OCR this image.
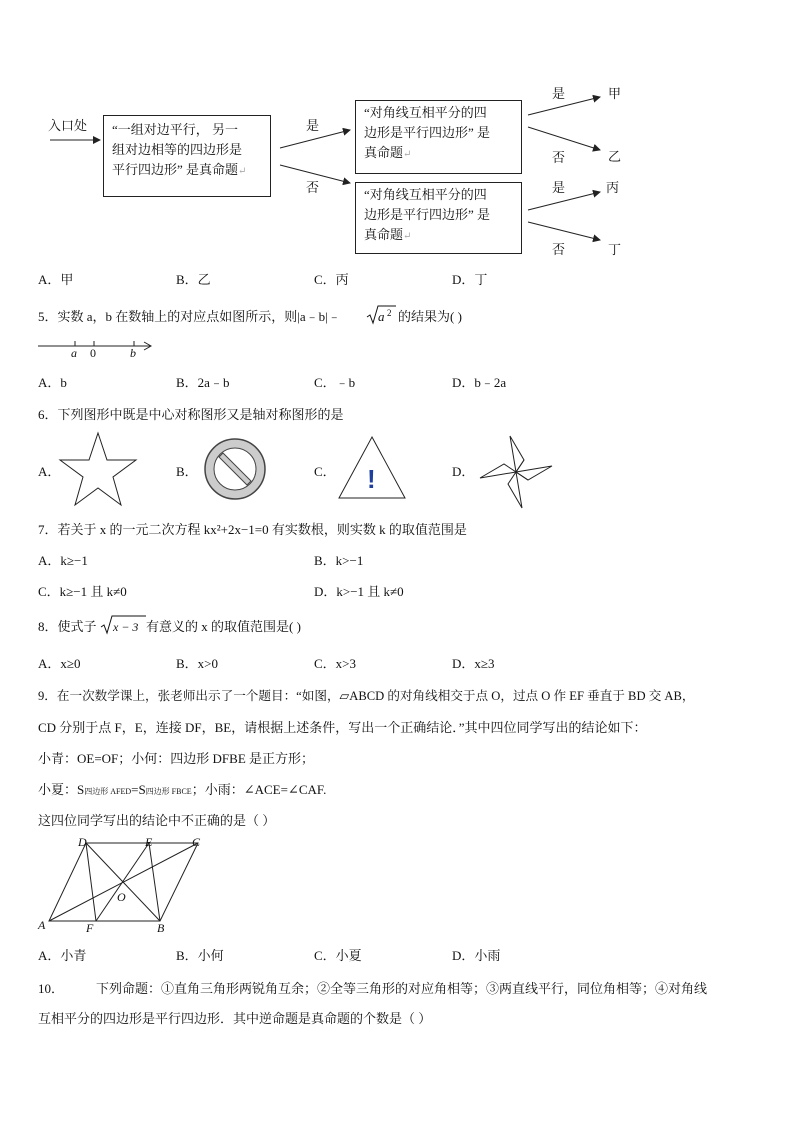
入口处 “一组对边平行， 另一
组对边相等的四边形是
平行四边形” 是真命题↵
“对角线互相平分的四
边形是平行四边形” 是
真命题↵
“对角线互相平分的四
边形是平行四边形” 是
真命题↵
是
否
是
否
是
否
甲
乙
丙
丁
A．甲	B．乙	C．丙	D．丁
5．实数 a，b 在数轴上的对应点如图所示，则|a﹣b|﹣	a 2 的结果为( )
a 0	b
A．b	B．2a﹣b	C．﹣b	D．b﹣2a
6．下列图形中既是中心对称图形又是轴对称图形的是
A．	B．	C． !	D．
7．若关于 x 的一元二次方程 kx²+2x−1=0 有实数根，则实数 k 的取值范围是
A．k≥−1	B．k>−1
C．k≥−1 且 k≠0	D．k>−1 且 k≠0
8．使式子 x − 3 有意义的 x 的取值范围是( )
A．x≥0	B．x>0	C．x>3	D．x≥3
9．在一次数学课上，张老师出示了一个题目：“如图，▱ABCD 的对角线相交于点 O，过点 O 作 EF 垂直于 BD 交 AB，
CD 分别于点 F，E，连接 DF，BE，请根据上述条件，写出一个正确结论．”其中四位同学写出的结论如下：
小青：OE=OF；小何：四边形 DFBE 是正方形；
小夏：S四边形 AFED=S四边形 FBCE；小雨：∠ACE=∠CAF.
这四位同学写出的结论中不正确的是（ ）
D	E	C
O
A	F	B
A．小青	B．小何	C．小夏	D．小雨
10． 下列命题：①直角三角形两锐角互余；②全等三角形的对应角相等；③两直线平行，同位角相等；④对角线
互相平分的四边形是平行四边形．其中逆命题是真命题的个数是（ ）
